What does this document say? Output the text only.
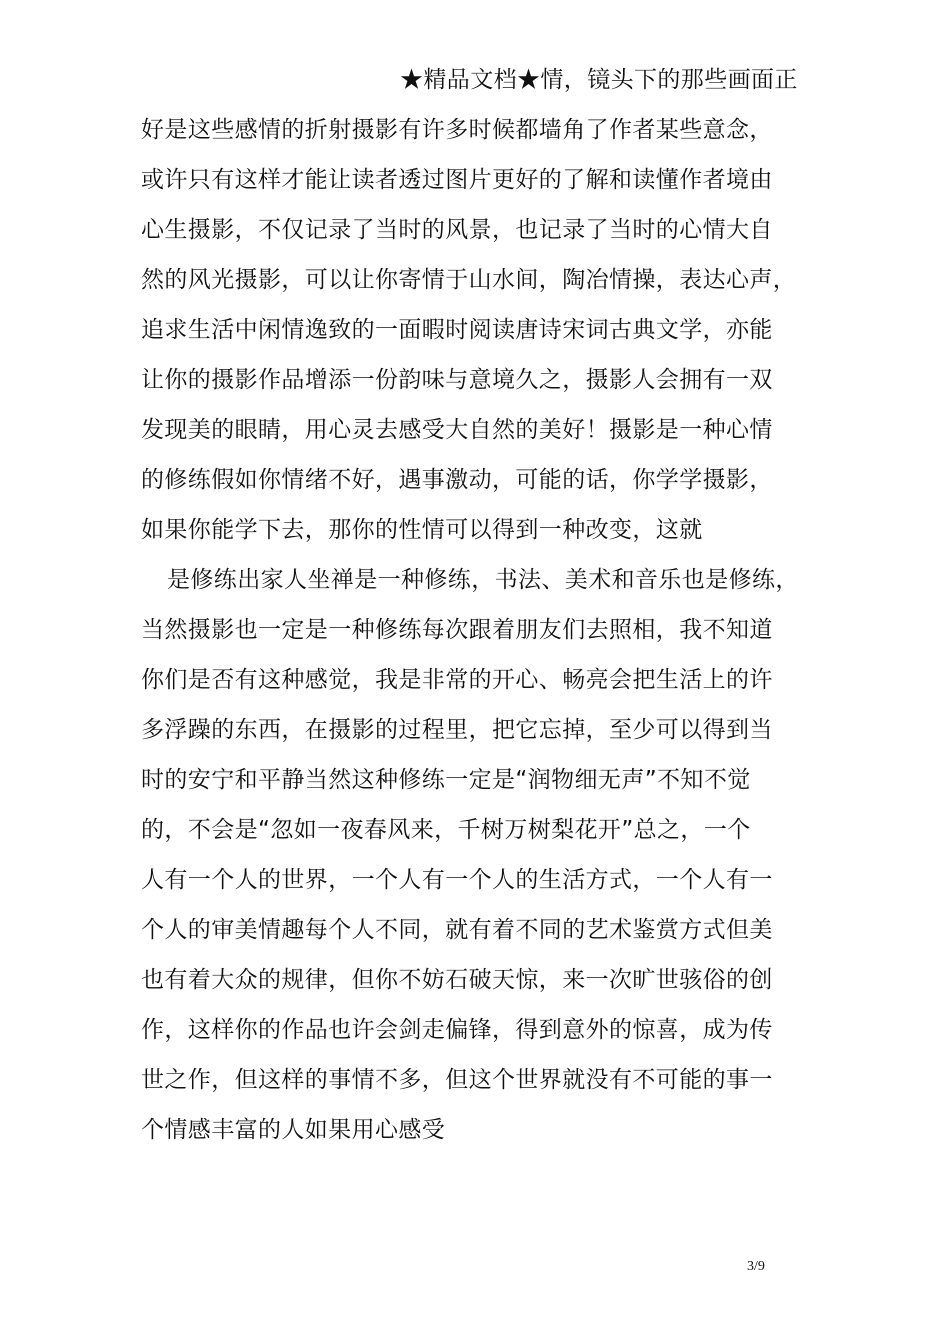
★精品文档★情，镜头下的那些画面正
好是这些感情的折射摄影有许多时候都墙角了作者某些意念，
或许只有这样才能让读者透过图片更好的了解和读懂作者境由
心生摄影，不仅记录了当时的风景，也记录了当时的心情大自
然的风光摄影，可以让你寄情于山水间，陶冶情操，表达心声，
追求生活中闲情逸致的一面暇时阅读唐诗宋词古典文学，亦能
让你的摄影作品增添一份韵味与意境久之，摄影人会拥有一双
发现美的眼睛，用心灵去感受大自然的美好！摄影是一种心情
的修练假如你情绪不好，遇事激动，可能的话，你学学摄影，
如果你能学下去，那你的性情可以得到一种改变，这就
是修练出家人坐禅是一种修练，书法、美术和音乐也是修练，
当然摄影也一定是一种修练每次跟着朋友们去照相，我不知道
你们是否有这种感觉，我是非常的开心、畅亮会把生活上的许
多浮躁的东西，在摄影的过程里，把它忘掉，至少可以得到当
时的安宁和平静当然这种修练一定是“润物细无声”不知不觉
的，不会是“忽如一夜春风来，千树万树梨花开”总之，一个
人有一个人的世界，一个人有一个人的生活方式，一个人有一
个人的审美情趣每个人不同，就有着不同的艺术鉴赏方式但美
也有着大众的规律，但你不妨石破天惊，来一次旷世骇俗的创
作，这样你的作品也许会剑走偏锋，得到意外的惊喜，成为传
世之作，但这样的事情不多，但这个世界就没有不可能的事一
个情感丰富的人如果用心感受
3/9
